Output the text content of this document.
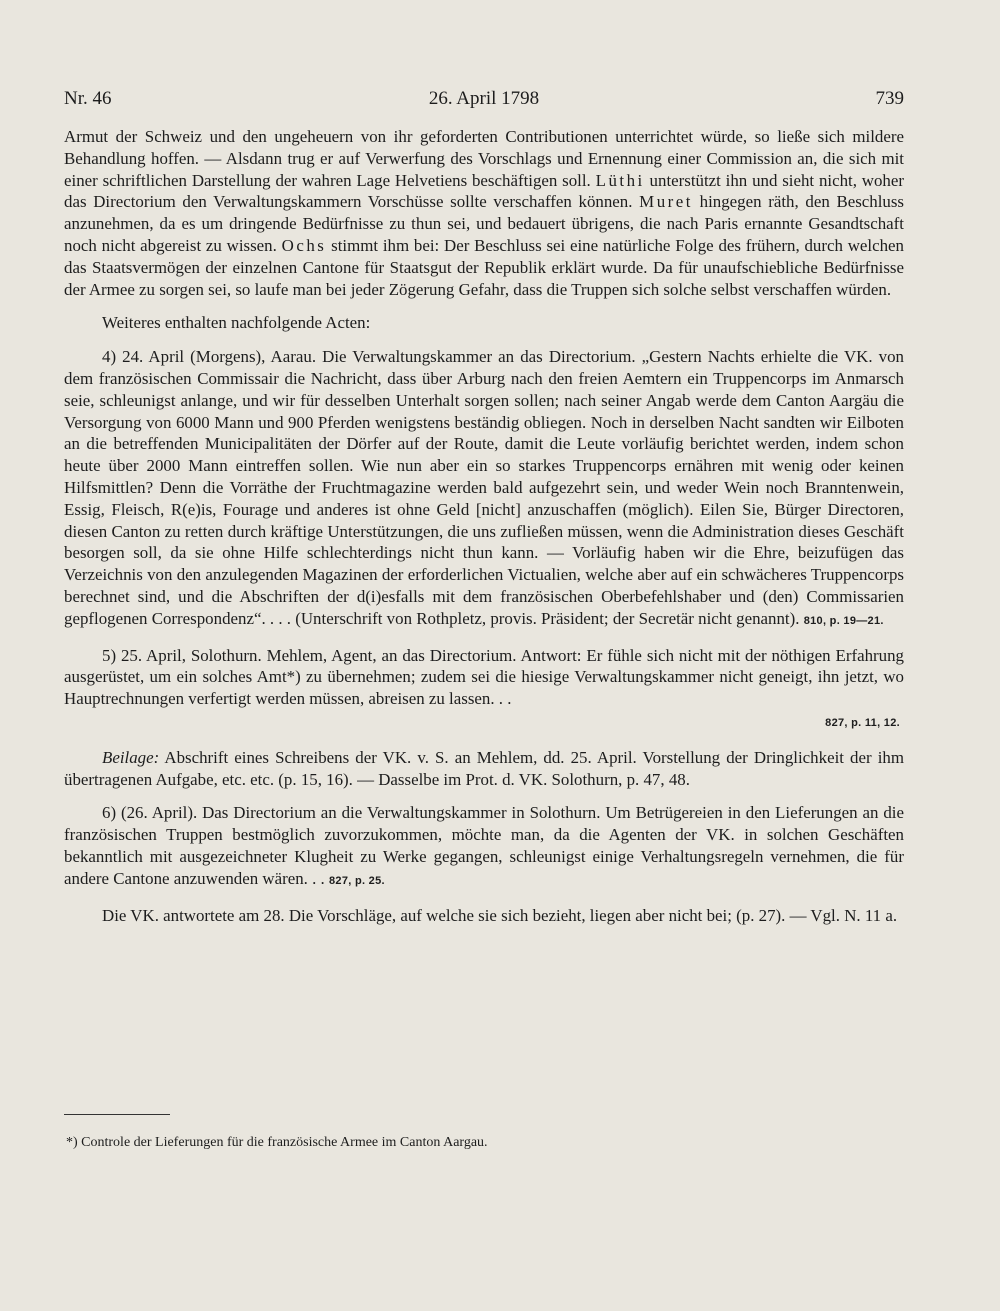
Nr. 46	26. April 1798	739

Armut der Schweiz und den ungeheuern von ihr geforderten Contributionen unterrichtet würde, so ließe sich mildere Behandlung hoffen. — Alsdann trug er auf Verwerfung des Vorschlags und Ernennung einer Commission an, die sich mit einer schriftlichen Darstellung der wahren Lage Helvetiens beschäftigen soll. Lüthi unterstützt ihn und sieht nicht, woher das Directorium den Verwaltungskammern Vorschüsse sollte verschaffen können. Muret hingegen räth, den Beschluss anzunehmen, da es um dringende Bedürfnisse zu thun sei, und bedauert übrigens, die nach Paris ernannte Gesandtschaft noch nicht abgereist zu wissen. Ochs stimmt ihm bei: Der Beschluss sei eine natürliche Folge des frühern, durch welchen das Staatsvermögen der einzelnen Cantone für Staatsgut der Republik erklärt wurde. Da für unaufschiebliche Bedürfnisse der Armee zu sorgen sei, so laufe man bei jeder Zögerung Gefahr, dass die Truppen sich solche selbst verschaffen würden.

Weiteres enthalten nachfolgende Acten:

4) 24. April (Morgens), Aarau. Die Verwaltungskammer an das Directorium. „Gestern Nachts erhielte die VK. von dem französischen Commissair die Nachricht, dass über Arburg nach den freien Aemtern ein Truppencorps im Anmarsch seie, schleunigst anlange, und wir für desselben Unterhalt sorgen sollen; nach seiner Angab werde dem Canton Aargäu die Versorgung von 6000 Mann und 900 Pferden wenigstens beständig obliegen. Noch in derselben Nacht sandten wir Eilboten an die betreffenden Municipalitäten der Dörfer auf der Route, damit die Leute vorläufig berichtet werden, indem schon heute über 2000 Mann eintreffen sollen. Wie nun aber ein so starkes Truppencorps ernähren mit wenig oder keinen Hilfsmittlen? Denn die Vorräthe der Fruchtmagazine werden bald aufgezehrt sein, und weder Wein noch Branntenwein, Essig, Fleisch, R(e)is, Fourage und anderes ist ohne Geld [nicht] anzuschaffen (möglich). Eilen Sie, Bürger Directoren, diesen Canton zu retten durch kräftige Unterstützungen, die uns zufließen müssen, wenn die Administration dieses Geschäft besorgen soll, da sie ohne Hilfe schlechterdings nicht thun kann. — Vorläufig haben wir die Ehre, beizufügen das Verzeichnis von den anzulegenden Magazinen der erforderlichen Victualien, welche aber auf ein schwächeres Truppencorps berechnet sind, und die Abschriften der d(i)esfalls mit dem französischen Oberbefehlshaber und (den) Commissarien gepflogenen Correspondenz“. . . . (Unterschrift von Rothpletz, provis. Präsident; der Secretär nicht genannt). 810, p. 19—21.

5) 25. April, Solothurn. Mehlem, Agent, an das Directorium. Antwort: Er fühle sich nicht mit der nöthigen Erfahrung ausgerüstet, um ein solches Amt*) zu übernehmen; zudem sei die hiesige Verwaltungskammer nicht geneigt, ihn jetzt, wo Hauptrechnungen verfertigt werden müssen, abreisen zu lassen. . .

827, p. 11, 12.

Beilage: Abschrift eines Schreibens der VK. v. S. an Mehlem, dd. 25. April. Vorstellung der Dringlichkeit der ihm übertragenen Aufgabe, etc. etc. (p. 15, 16). — Dasselbe im Prot. d. VK. Solothurn, p. 47, 48.

6) (26. April). Das Directorium an die Verwaltungskammer in Solothurn. Um Betrügereien in den Lieferungen an die französischen Truppen bestmöglich zuvorzukommen, möchte man, da die Agenten der VK. in solchen Geschäften bekanntlich mit ausgezeichneter Klugheit zu Werke gegangen, schleunigst einige Verhaltungsregeln vernehmen, die für andere Cantone anzuwenden wären. . . 827, p. 25.

Die VK. antwortete am 28. Die Vorschläge, auf welche sie sich bezieht, liegen aber nicht bei; (p. 27). — Vgl. N. 11 a.

*) Controle der Lieferungen für die französische Armee im Canton Aargau.
